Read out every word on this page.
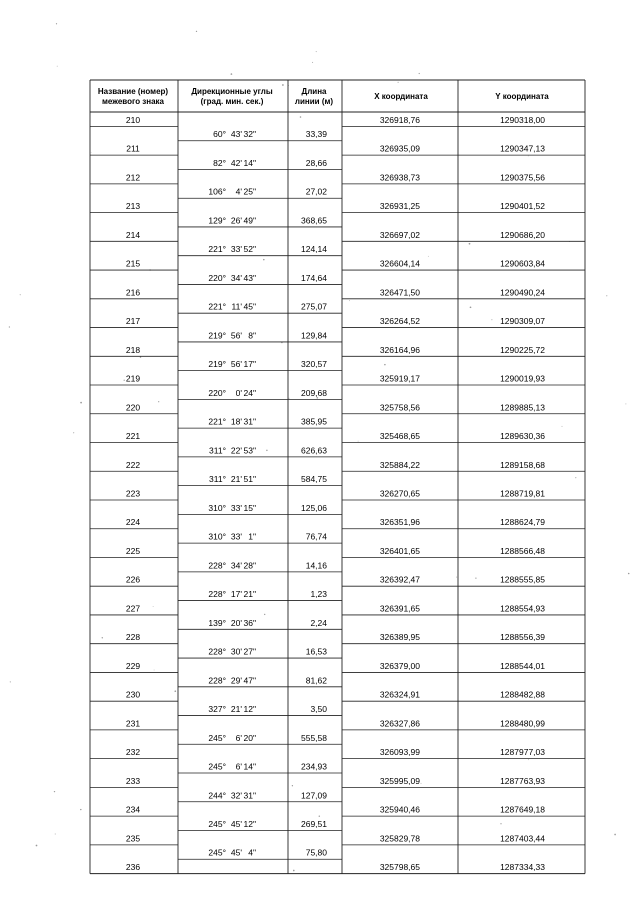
Название (номер)
межевого знака
Дирекционные углы
(град. мин. сек.)
Длина
линии (м)
X координата	Y координата
210	326918,76	1290318,00
60° 43' 32"	33,39
211	326935,09	1290347,13
82° 42' 14"	28,66
212	326938,73	1290375,56
106° 4' 25"	27,02
213	326931,25	1290401,52
129° 26' 49"	368,65
214	326697,02	1290686,20
221° 33' 52"	124,14
215	326604,14	1290603,84
220° 34' 43"	174,64
216	326471,50	1290490,24
221° 11' 45"	275,07
217	326264,52	1290309,07
219° 56' 8"	129,84
218	326164,96	1290225,72
219° 56' 17"	320,57
219	325919,17	1290019,93
220° 0' 24"	209,68
220	325758,56	1289885,13
221° 18' 31"	385,95
221	325468,65	1289630,36
311° 22' 53"	626,63
222	325884,22	1289158,68
311° 21' 51"	584,75
223	326270,65	1288719,81
310° 33' 15"	125,06
224	326351,96	1288624,79
310° 33' 1"	76,74
225	326401,65	1288566,48
228° 34' 28"	14,16
226	326392,47	1288555,85
228° 17' 21"	1,23
227	326391,65	1288554,93
139° 20' 36"	2,24
228	326389,95	1288556,39
228° 30' 27"	16,53
229	326379,00	1288544,01
228° 29' 47"	81,62
230	326324,91	1288482,88
327° 21' 12"	3,50
231	326327,86	1288480,99
245° 6' 20"	555,58
232	326093,99	1287977,03
245° 6' 14"	234,93
233	325995,09	1287763,93
244° 32' 31"	127,09
234	325940,46	1287649,18
245° 45' 12"	269,51
235	325829,78	1287403,44
245° 45' 4"	75,80
236	325798,65	1287334,33
